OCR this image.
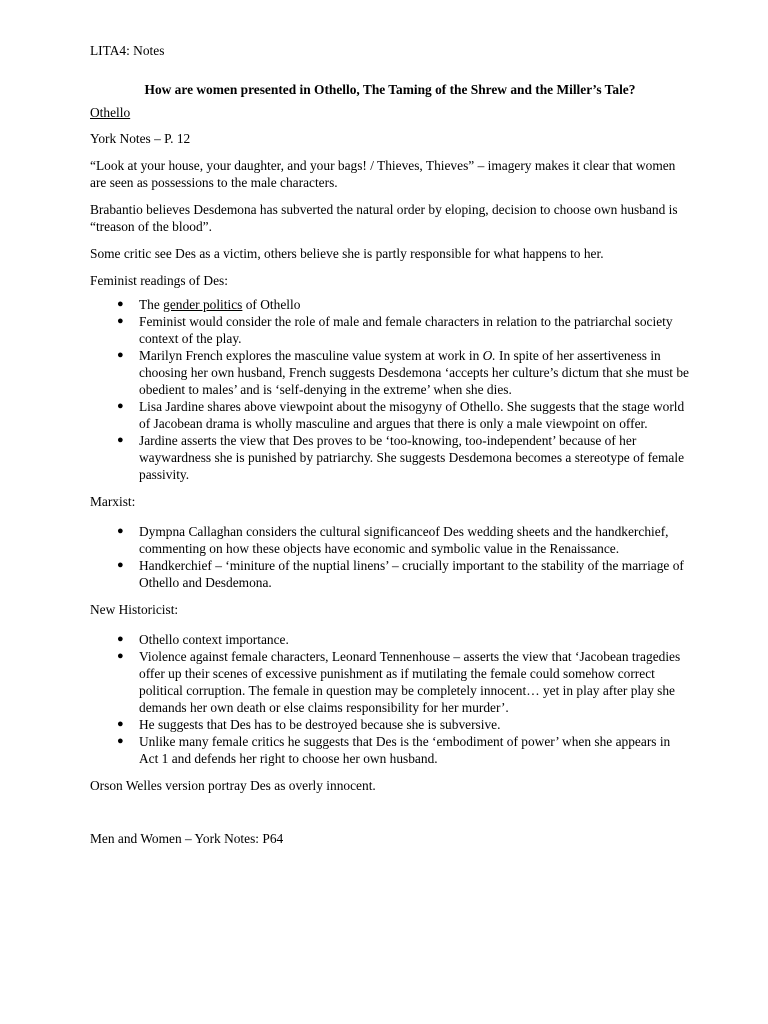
LITA4: Notes

How are women presented in Othello, The Taming of the Shrew and the Miller’s Tale?

Othello

York Notes – P. 12

“Look at your house, your daughter, and your bags! / Thieves, Thieves” – imagery makes it clear that women are seen as possessions to the male characters.

Brabantio believes Desdemona has subverted the natural order by eloping, decision to choose own husband is “treason of the blood”.

Some critic see Des as a victim, others believe she is partly responsible for what happens to her.

Feminist readings of Des:

● The gender politics of Othello
● Feminist would consider the role of male and female characters in relation to the patriarchal society context of the play.
● Marilyn French explores the masculine value system at work in O. In spite of her assertiveness in choosing her own husband, French suggests Desdemona ‘accepts her culture’s dictum that she must be obedient to males’ and is ‘self-denying in the extreme’ when she dies.
● Lisa Jardine shares above viewpoint about the misogyny of Othello. She suggests that the stage world of Jacobean drama is wholly masculine and argues that there is only a male viewpoint on offer.
● Jardine asserts the view that Des proves to be ‘too-knowing, too-independent’ because of her waywardness she is punished by patriarchy. She suggests Desdemona becomes a stereotype of female passivity.

Marxist:

● Dympna Callaghan considers the cultural significanceof Des wedding sheets and the handkerchief, commenting on how these objects have economic and symbolic value in the Renaissance.
● Handkerchief – ‘miniture of the nuptial linens’ – crucially important to the stability of the marriage of Othello and Desdemona.

New Historicist:

● Othello context importance.
● Violence against female characters, Leonard Tennenhouse – asserts the view that ‘Jacobean tragedies offer up their scenes of excessive punishment as if mutilating the female could somehow correct political corruption. The female in question may be completely innocent… yet in play after play she demands her own death or else claims responsibility for her murder’.
● He suggests that Des has to be destroyed because she is subversive.
● Unlike many female critics he suggests that Des is the ‘embodiment of power’ when she appears in Act 1 and defends her right to choose her own husband.

Orson Welles version portray Des as overly innocent.

Men and Women – York Notes: P64
